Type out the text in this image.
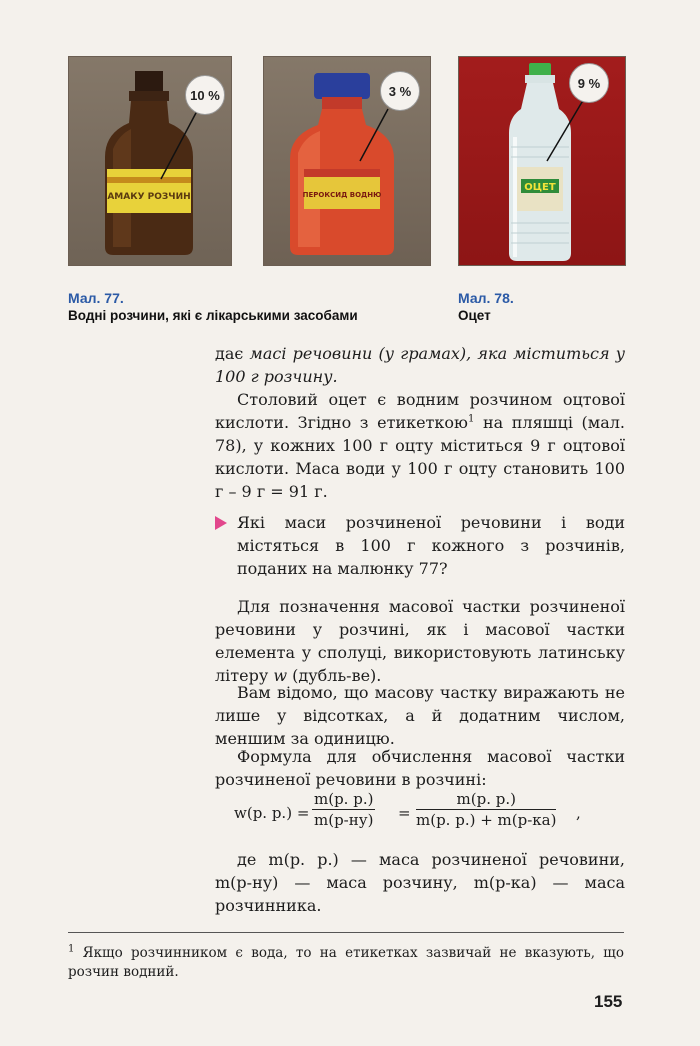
АМАКУ РОЗЧИН
10 %
ПЕРОКСИД ВОДНЮ
3 %
ОЦЕТ
9 %
Мал. 77.
Водні розчини, які є лікарськими засобами
Мал. 78.
Оцет

дає масі речовини (у грамах), яка міститься у 100 г розчину.

Столовий оцет є водним розчином оцтової кислоти. Згідно з етикеткою$^1$ на пляшці (мал. 78), у кожних 100 г оцту міститься 9 г оцтової кислоти. Маса води у 100 г оцту становить 100 г – 9 г = 91 г.

Які маси розчиненої речовини і води містяться в 100 г кожного з розчинів, поданих на малюнку 77?

Для позначення масової частки розчиненої речовини у розчині, як і масової частки елемента у сполуці, використовують латинську літеру w (дубль-ве).

Вам відомо, що масову частку виражають не лише у відсотках, а й додатним числом, меншим за одиницю.

Формула для обчислення масової частки розчиненої речовини в розчині:

w(р. р.) =
m(р. р.)
m(р-ну) =
m(р. р.)
m(р. р.) + m(р-ка) ,

де m(р. р.) — маса розчиненої речовини, m(р-ну) — маса розчину, m(р-ка) — маса розчинника.

$^1$ Якщо розчинником є вода, то на етикетках зазвичай не вказують, що розчин водний.

155
